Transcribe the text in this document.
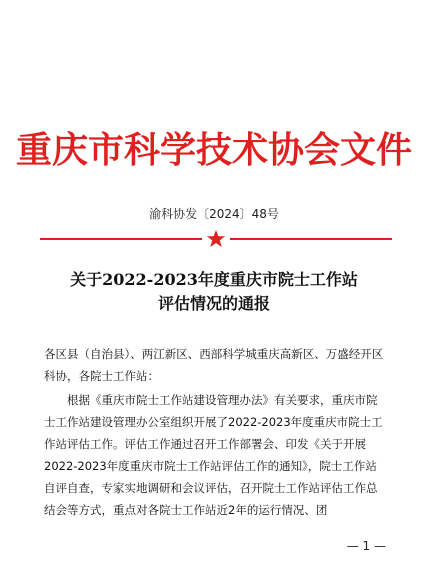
重庆市科学技术协会文件
渝科协发〔2024〕48号
关于2022-2023年度重庆市院士工作站
评估情况的通报

各区县（自治县）、两江新区、西部科学城重庆高新区、万盛经开区科协，各院士工作站：

根据《重庆市院士工作站建设管理办法》有关要求，重庆市院士工作站建设管理办公室组织开展了2022-2023年度重庆市院士工作站评估工作。评估工作通过召开工作部署会、印发《关于开展2022-2023年度重庆市院士工作站评估工作的通知》，院士工作站自评自查，专家实地调研和会议评估，召开院士工作站评估工作总结会等方式，重点对各院士工作站近2年的运行情况、团

— 1 —
